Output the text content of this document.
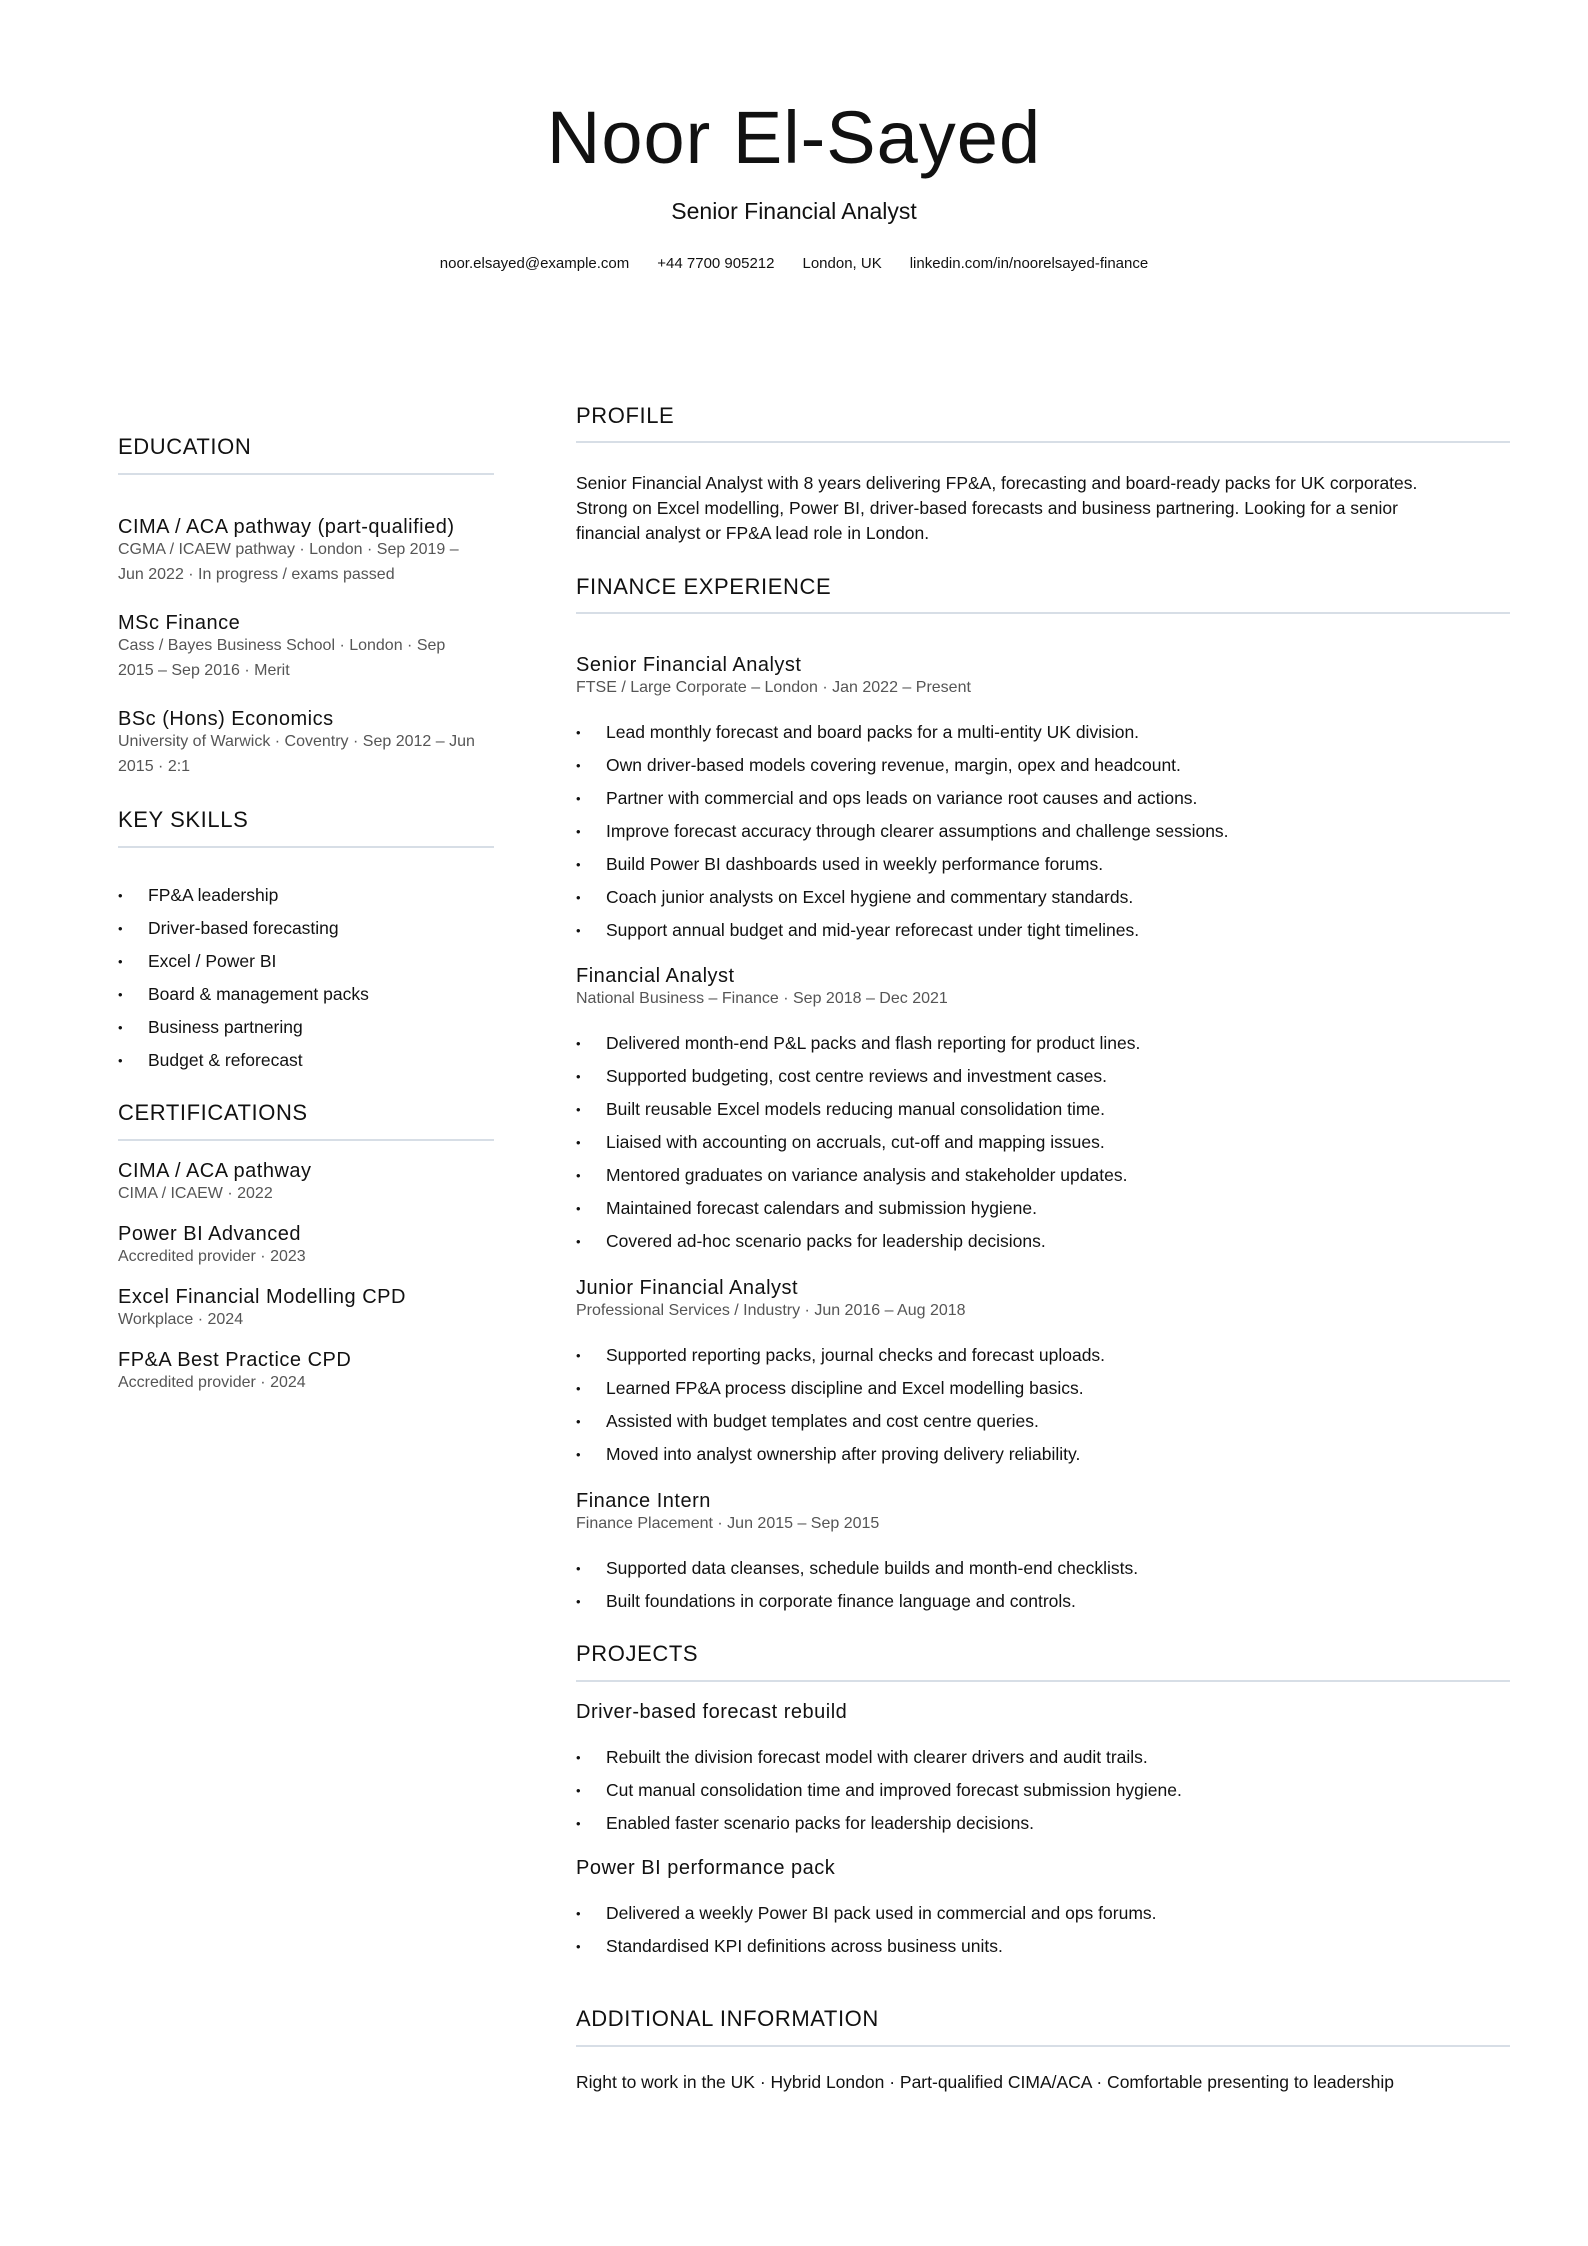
Noor El-Sayed
Senior Financial Analyst
noor.elsayed@example.com +44 7700 905212 London, UK linkedin.com/in/noorelsayed-finance
EDUCATION
CIMA / ACA pathway (part-qualified)
CGMA / ICAEW pathway · London · Sep 2019 –
Jun 2022 · In progress / exams passed
MSc Finance
Cass / Bayes Business School · London · Sep
2015 – Sep 2016 · Merit
BSc (Hons) Economics
University of Warwick · Coventry · Sep 2012 – Jun
2015 · 2:1
KEY SKILLS
• FP&A leadership
• Driver-based forecasting
• Excel / Power BI
• Board & management packs
• Business partnering
• Budget & reforecast
CERTIFICATIONS
CIMA / ACA pathway
CIMA / ICAEW · 2022
Power BI Advanced
Accredited provider · 2023
Excel Financial Modelling CPD
Workplace · 2024
FP&A Best Practice CPD
Accredited provider · 2024
PROFILE
Senior Financial Analyst with 8 years delivering FP&A, forecasting and board-ready packs for UK corporates.
Strong on Excel modelling, Power BI, driver-based forecasts and business partnering. Looking for a senior
financial analyst or FP&A lead role in London.
FINANCE EXPERIENCE
Senior Financial Analyst
FTSE / Large Corporate – London · Jan 2022 – Present
• Lead monthly forecast and board packs for a multi-entity UK division.
• Own driver-based models covering revenue, margin, opex and headcount.
• Partner with commercial and ops leads on variance root causes and actions.
• Improve forecast accuracy through clearer assumptions and challenge sessions.
• Build Power BI dashboards used in weekly performance forums.
• Coach junior analysts on Excel hygiene and commentary standards.
• Support annual budget and mid-year reforecast under tight timelines.
Financial Analyst
National Business – Finance · Sep 2018 – Dec 2021
• Delivered month-end P&L packs and flash reporting for product lines.
• Supported budgeting, cost centre reviews and investment cases.
• Built reusable Excel models reducing manual consolidation time.
• Liaised with accounting on accruals, cut-off and mapping issues.
• Mentored graduates on variance analysis and stakeholder updates.
• Maintained forecast calendars and submission hygiene.
• Covered ad-hoc scenario packs for leadership decisions.
Junior Financial Analyst
Professional Services / Industry · Jun 2016 – Aug 2018
• Supported reporting packs, journal checks and forecast uploads.
• Learned FP&A process discipline and Excel modelling basics.
• Assisted with budget templates and cost centre queries.
• Moved into analyst ownership after proving delivery reliability.
Finance Intern
Finance Placement · Jun 2015 – Sep 2015
• Supported data cleanses, schedule builds and month-end checklists.
• Built foundations in corporate finance language and controls.
PROJECTS
Driver-based forecast rebuild
• Rebuilt the division forecast model with clearer drivers and audit trails.
• Cut manual consolidation time and improved forecast submission hygiene.
• Enabled faster scenario packs for leadership decisions.
Power BI performance pack
• Delivered a weekly Power BI pack used in commercial and ops forums.
• Standardised KPI definitions across business units.
ADDITIONAL INFORMATION
Right to work in the UK · Hybrid London · Part-qualified CIMA/ACA · Comfortable presenting to leadership
